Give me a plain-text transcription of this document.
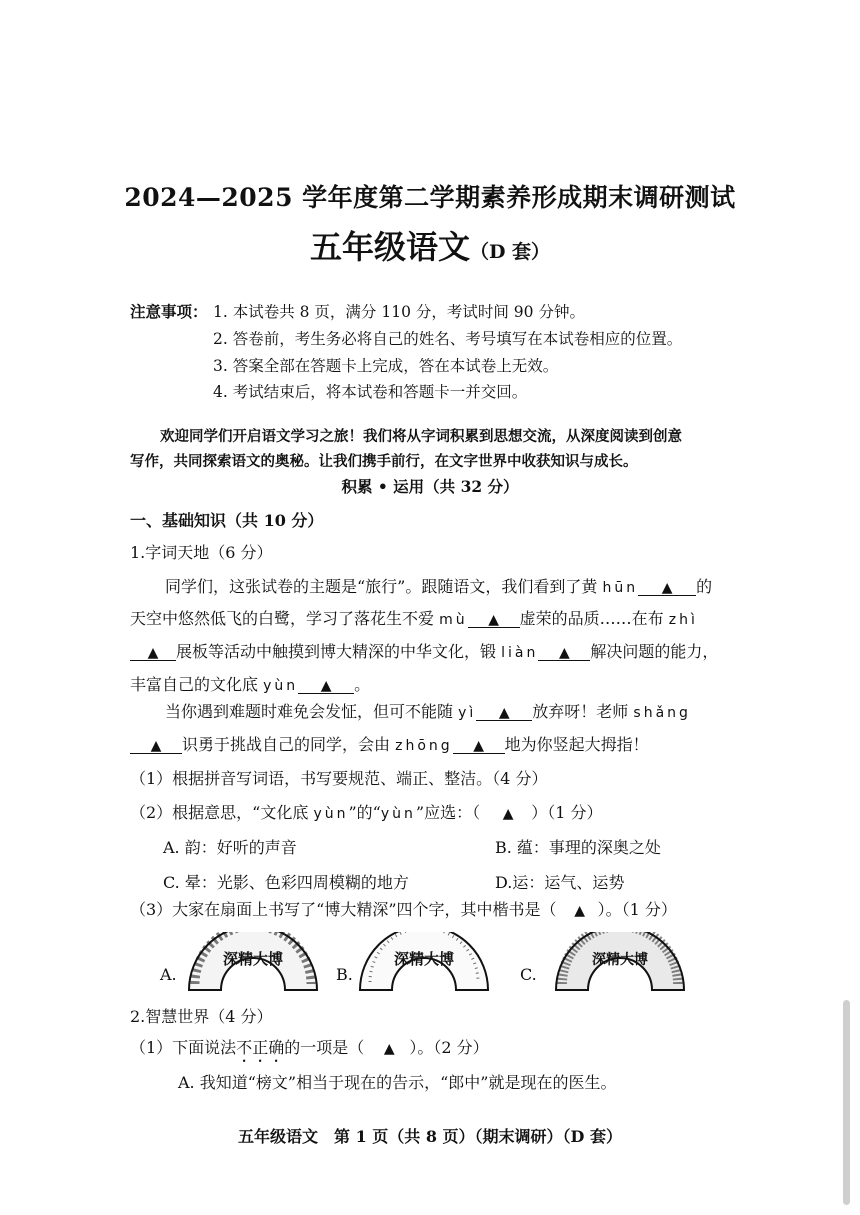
2024—2025 学年度第二学期素养形成期末调研测试
五年级语文（D 套）
注意事项： 1. 本试卷共 8 页，满分 110 分，考试时间 90 分钟。
2. 答卷前，考生务必将自己的姓名、考号填写在本试卷相应的位置。
3. 答案全部在答题卡上完成，答在本试卷上无效。
4. 考试结束后，将本试卷和答题卡一并交回。
欢迎同学们开启语文学习之旅！我们将从字词积累到思想交流，从深度阅读到创意
写作，共同探索语文的奥秘。让我们携手前行，在文字世界中收获知识与成长。
积累 • 运用（共 32 分）
一、基础知识（共 10 分）
1.字词天地（6 分）
同学们，这张试卷的主题是“旅行”。跟随语文，我们看到了黄 hūn ▲ 的
天空中悠然低飞的白鹭，学习了落花生不爱 mù ▲ 虚荣的品质……在布 zhì
▲ 展板等活动中触摸到博大精深的中华文化，锻 liàn ▲ 解决问题的能力，
丰富自己的文化底 yùn ▲ 。
当你遇到难题时难免会发怔，但可不能随 yì ▲ 放弃呀！老师 shǎng
▲ 识勇于挑战自己的同学，会由 zhōng ▲ 地为你竖起大拇指！
（1）根据拼音写词语，书写要规范、端正、整洁。（4 分）
（2）根据意思，“文化底 yùn”的“yùn”应选：（ ▲ ）（1 分）
A. 韵：好听的声音	B. 蕴：事理的深奥之处
C. 晕：光影、色彩四周模糊的地方	D.运：运气、运势
（3）大家在扇面上书写了“博大精深”四个字，其中楷书是（ ▲ ）。（1 分）
A.
深精大博
B.
深精大博
C.
深精大博
2.智慧世界（4 分）
（1）下面说法不正确的一项是（ ▲ ）。（2 分）
A. 我知道“榜文”相当于现在的告示，“郎中”就是现在的医生。
五年级语文　第 1 页（共 8 页）（期末调研）（D 套）
